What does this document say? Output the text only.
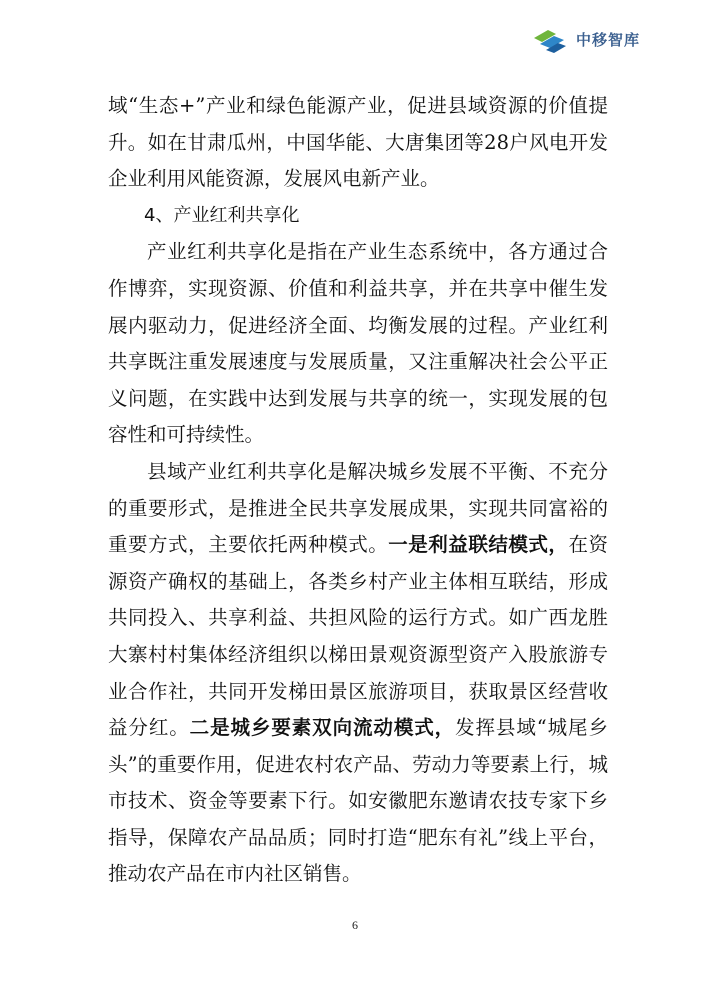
中移智库

域“生态+”产业和绿色能源产业，促进县域资源的价值提升。如在甘肃瓜州，中国华能、大唐集团等28户风电开发企业利用风能资源，发展风电新产业。

4、产业红利共享化

产业红利共享化是指在产业生态系统中，各方通过合作博弈，实现资源、价值和利益共享，并在共享中催生发展内驱动力，促进经济全面、均衡发展的过程。产业红利共享既注重发展速度与发展质量，又注重解决社会公平正义问题，在实践中达到发展与共享的统一，实现发展的包容性和可持续性。

县域产业红利共享化是解决城乡发展不平衡、不充分的重要形式，是推进全民共享发展成果，实现共同富裕的重要方式，主要依托两种模式。一是利益联结模式，在资源资产确权的基础上，各类乡村产业主体相互联结，形成共同投入、共享利益、共担风险的运行方式。如广西龙胜大寨村村集体经济组织以梯田景观资源型资产入股旅游专业合作社，共同开发梯田景区旅游项目，获取景区经营收益分红。二是城乡要素双向流动模式，发挥县域“城尾乡头”的重要作用，促进农村农产品、劳动力等要素上行，城市技术、资金等要素下行。如安徽肥东邀请农技专家下乡指导，保障农产品品质；同时打造“肥东有礼”线上平台，推动农产品在市内社区销售。

6
